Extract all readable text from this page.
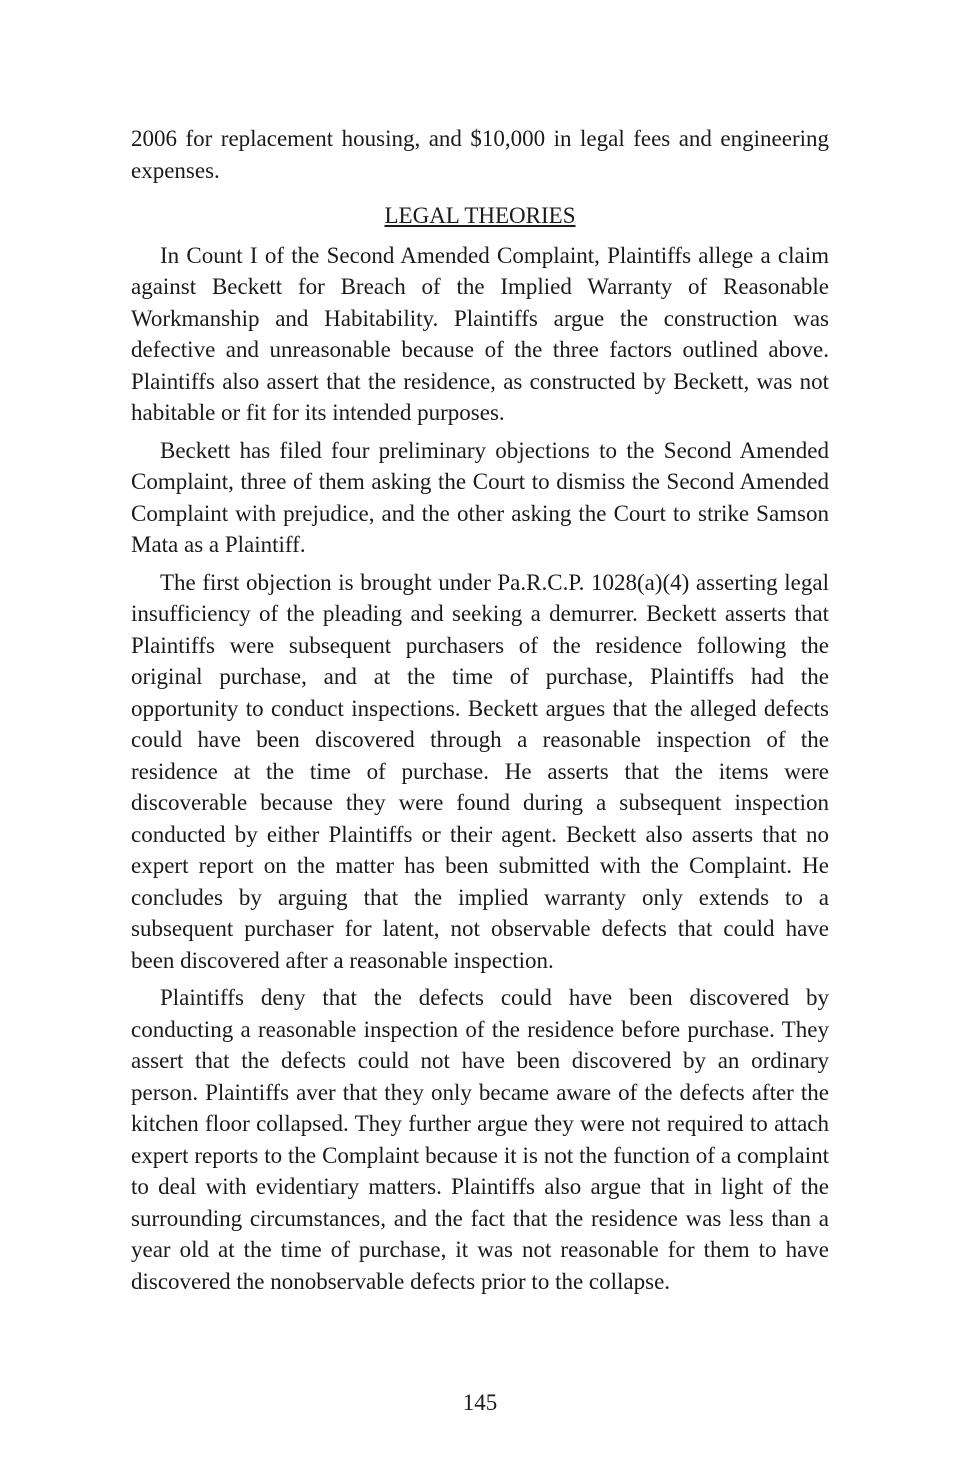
2006 for replacement housing, and $10,000 in legal fees and engineering expenses.

LEGAL THEORIES

In Count I of the Second Amended Complaint, Plaintiffs allege a claim against Beckett for Breach of the Implied Warranty of Reasonable Workmanship and Habitability. Plaintiffs argue the construction was defective and unreasonable because of the three factors outlined above. Plaintiffs also assert that the residence, as constructed by Beckett, was not habitable or fit for its intended purposes.

Beckett has filed four preliminary objections to the Second Amended Complaint, three of them asking the Court to dismiss the Second Amended Complaint with prejudice, and the other asking the Court to strike Samson Mata as a Plaintiff.

The first objection is brought under Pa.R.C.P. 1028(a)(4) asserting legal insufficiency of the pleading and seeking a demurrer. Beckett asserts that Plaintiffs were subsequent purchasers of the residence following the original purchase, and at the time of purchase, Plaintiffs had the opportunity to conduct inspections. Beckett argues that the alleged defects could have been discovered through a reasonable inspection of the residence at the time of purchase. He asserts that the items were discoverable because they were found during a subsequent inspection conducted by either Plaintiffs or their agent. Beckett also asserts that no expert report on the matter has been submitted with the Complaint. He concludes by arguing that the implied warranty only extends to a subsequent purchaser for latent, not observable defects that could have been discovered after a reasonable inspection.

Plaintiffs deny that the defects could have been discovered by conducting a reasonable inspection of the residence before purchase. They assert that the defects could not have been discovered by an ordinary person. Plaintiffs aver that they only became aware of the defects after the kitchen floor collapsed. They further argue they were not required to attach expert reports to the Complaint because it is not the function of a complaint to deal with evidentiary matters. Plaintiffs also argue that in light of the surrounding circumstances, and the fact that the residence was less than a year old at the time of purchase, it was not reasonable for them to have discovered the nonobservable defects prior to the collapse.

145
